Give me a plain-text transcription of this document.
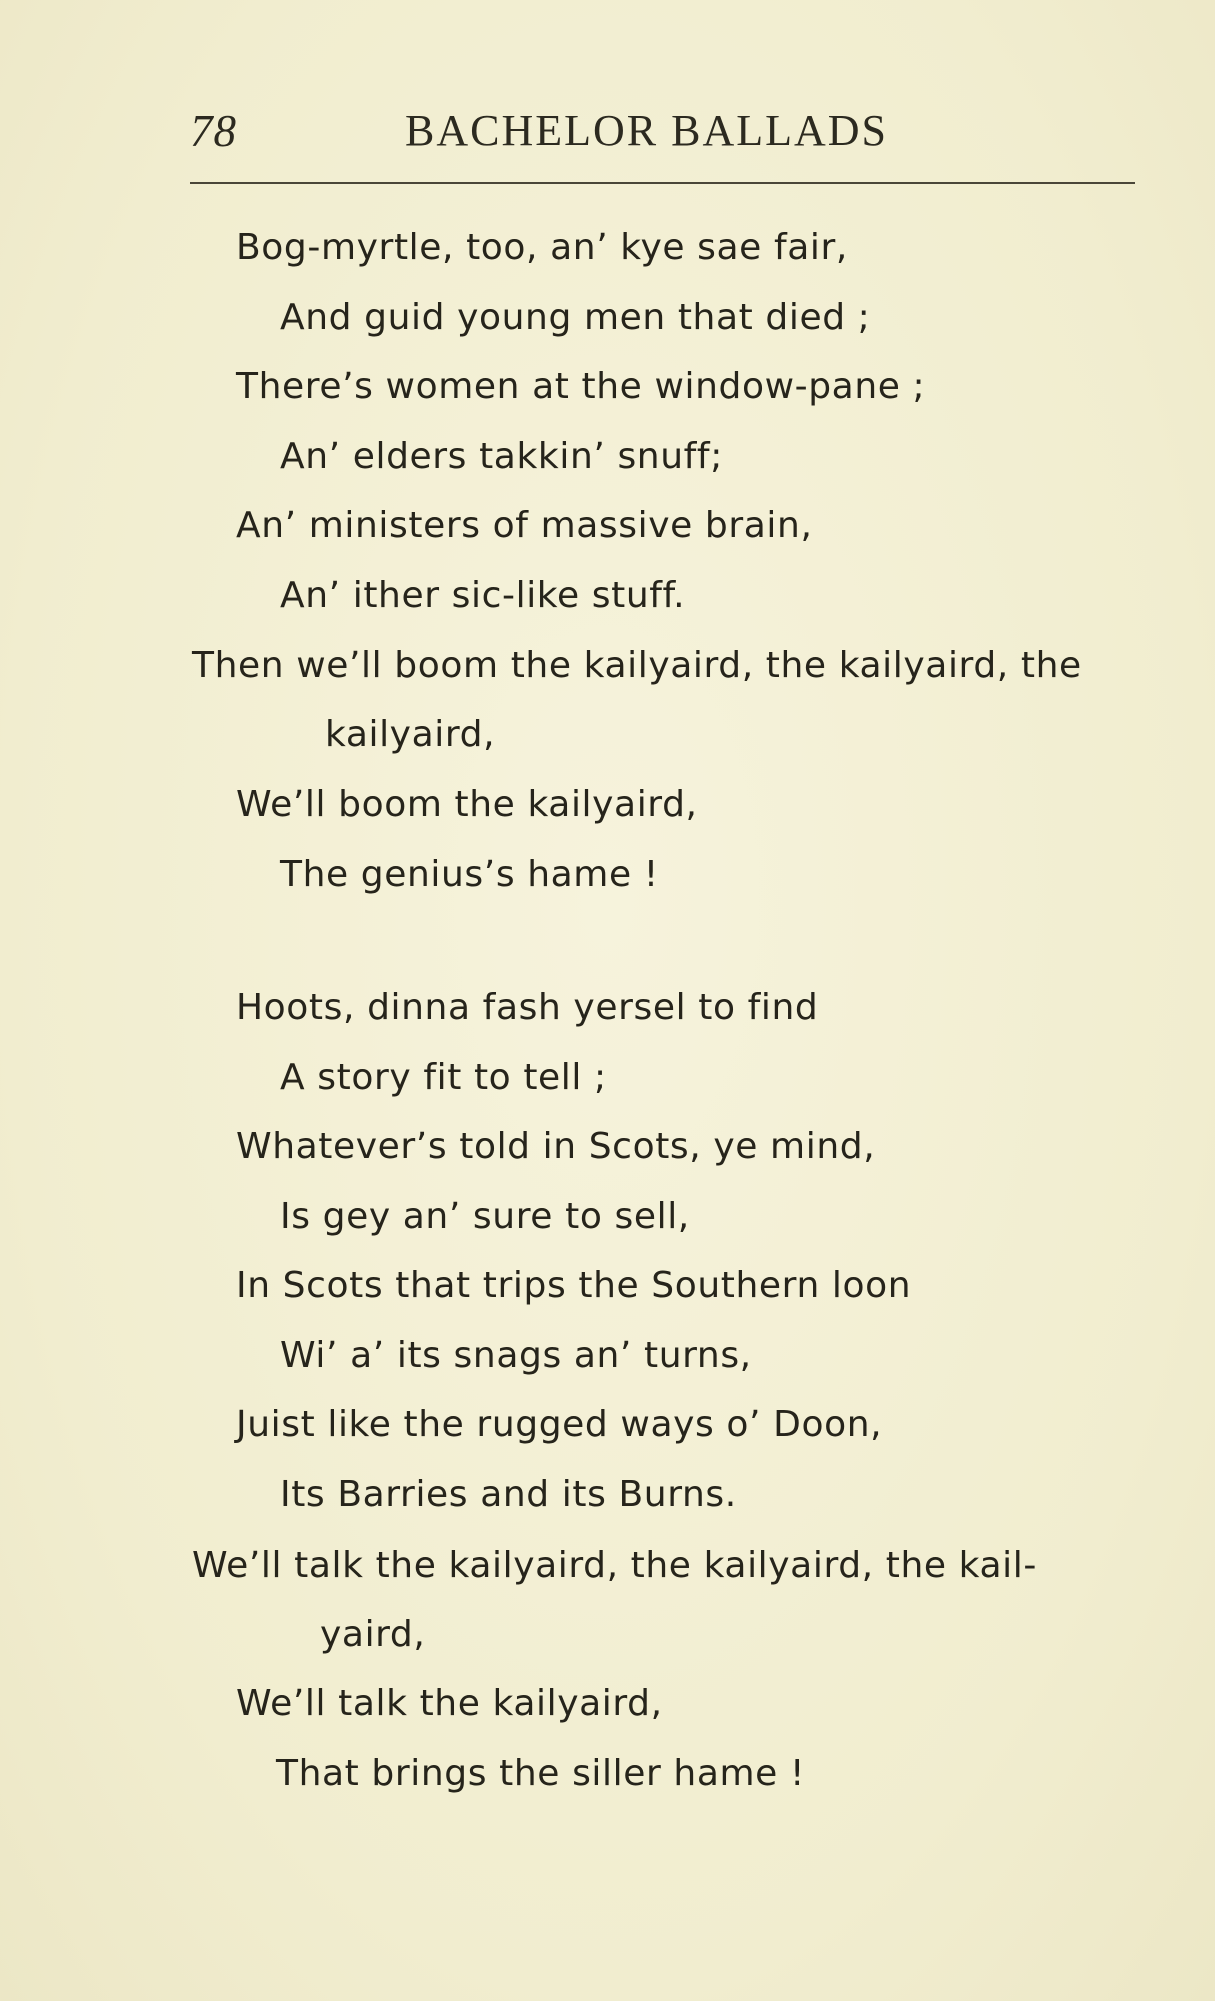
78	BACHELOR BALLADS
Bog-myrtle, too, an’ kye sae fair,
And guid young men that died ;
There’s women at the window-pane ;
An’ elders takkin’ snuff;
An’ ministers of massive brain,
An’ ither sic-like stuff.
Then we’ll boom the kailyaird, the kailyaird, the
kailyaird,
We’ll boom the kailyaird,
The genius’s hame !
Hoots, dinna fash yersel to find
A story fit to tell ;
Whatever’s told in Scots, ye mind,
Is gey an’ sure to sell,
In Scots that trips the Southern loon
Wi’ a’ its snags an’ turns,
Juist like the rugged ways o’ Doon,
Its Barries and its Burns.
We’ll talk the kailyaird, the kailyaird, the kail-
yaird,
We’ll talk the kailyaird,
That brings the siller hame !
